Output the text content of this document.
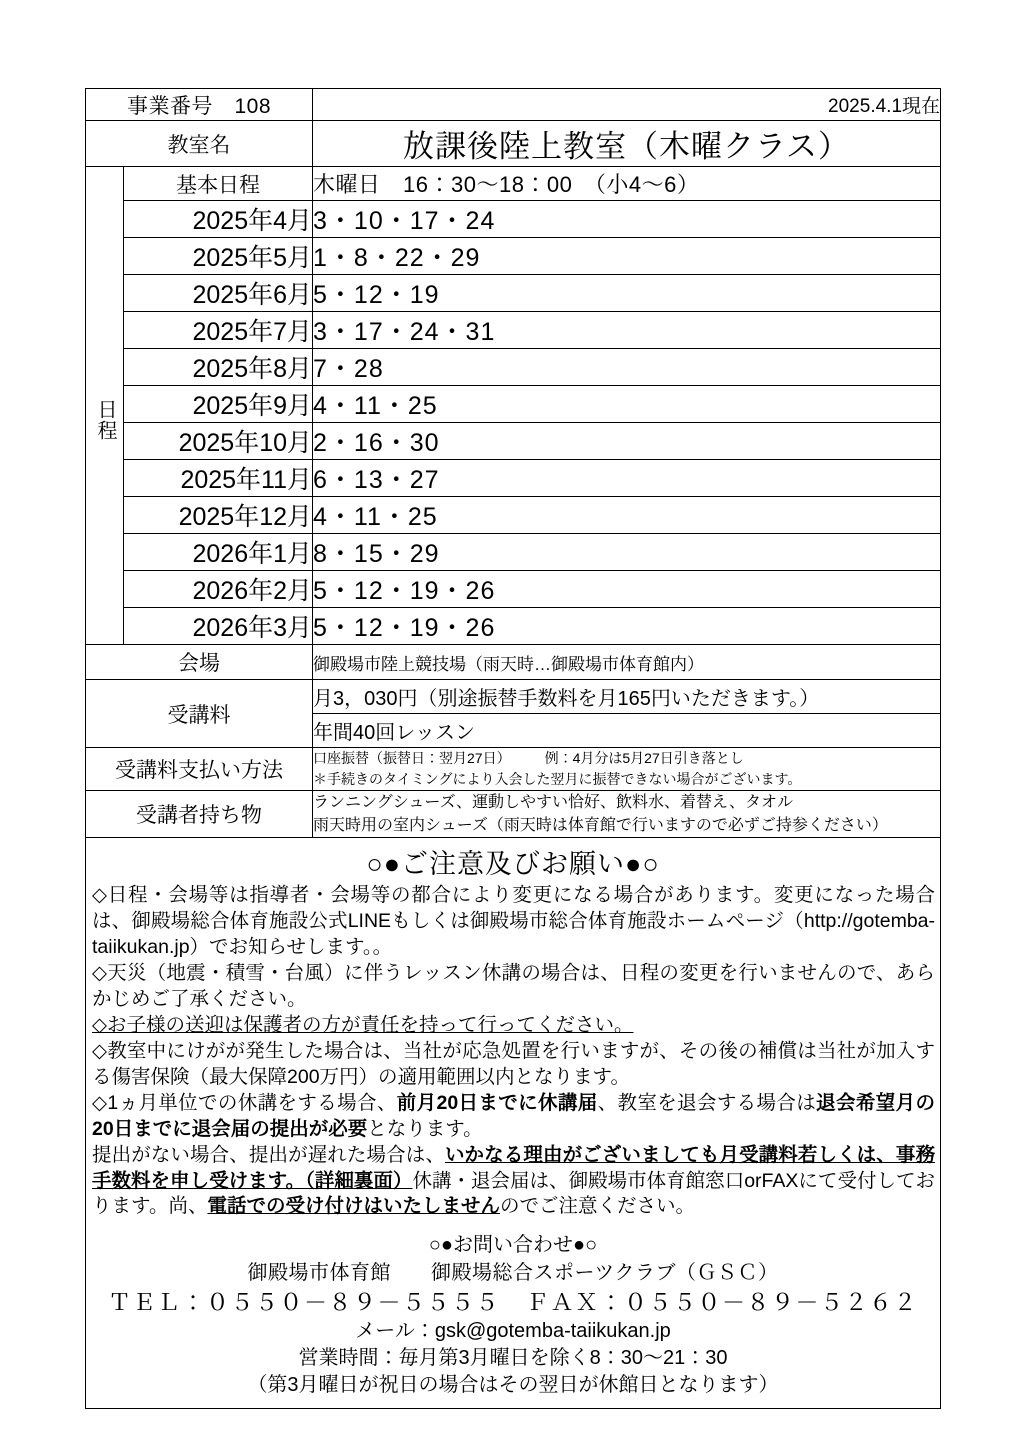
事業番号　108		2025.4.1現在
教室名		放課後陸上教室（木曜クラス）
	基本日程	木曜日　16：30～18：00　（小4～6）
日程	2025年4月	3・10・17・24
	2025年5月	1・8・22・29
	2025年6月	5・12・19
	2025年7月	3・17・24・31
	2025年8月	7・28
	2025年9月	4・11・25
	2025年10月	2・16・30
	2025年11月	6・13・27
	2025年12月	4・11・25
	2026年1月	8・15・29
	2026年2月	5・12・19・26
	2026年3月	5・12・19・26
会場		御殿場市陸上競技場（雨天時…御殿場市体育館内）
受講料		月3，030円（別途振替手数料を月165円いただきます。）
		年間40回レッスン
受講料支払い方法		口座振替（振替日：翌月27日） 例：4月分は5月27日引き落とし
＊手続きのタイミングにより入会した翌月に振替できない場合がございます。

受講者持ち物		ランニングシューズ、運動しやすい恰好、飲料水、着替え、タオル
雨天時用の室内シューズ（雨天時は体育館で行いますので必ずご持参ください）

○●ご注意及びお願い●○

◇日程・会場等は指導者・会場等の都合により変更になる場合があります。変更になった場合は、御殿場総合体育施設公式LINEもしくは御殿場市総合体育施設ホームページ（http://gotemba-taiikukan.jp）でお知らせします。。

◇天災（地震・積雪・台風）に伴うレッスン休講の場合は、日程の変更を行いませんので、あらかじめご了承ください。

◇お子様の送迎は保護者の方が責任を持って行ってください。

◇教室中にけがが発生した場合は、当社が応急処置を行いますが、その後の補償は当社が加入する傷害保険（最大保障200万円）の適用範囲以内となります。

◇1ヵ月単位での休講をする場合、前月20日までに休講届、教室を退会する場合は退会希望月の20日までに退会届の提出が必要となります。

提出がない場合、提出が遅れた場合は、いかなる理由がございましても月受講料若しくは、事務手数料を申し受けます。（詳細裏面）休講・退会届は、御殿場市体育館窓口orFAXにて受付しております。尚、電話での受け付けはいたしませんのでご注意ください。

○●お問い合わせ●○
御殿場市体育館 御殿場総合スポーツクラブ（ＧＳＣ）
ＴＥＬ：０５５０－８９－５５５５ ＦＡＸ：０５５０－８９－５２６２
メール：gsk@gotemba-taiikukan.jp
営業時間：毎月第3月曜日を除く8：30～21：30
（第3月曜日が祝日の場合はその翌日が休館日となります）
